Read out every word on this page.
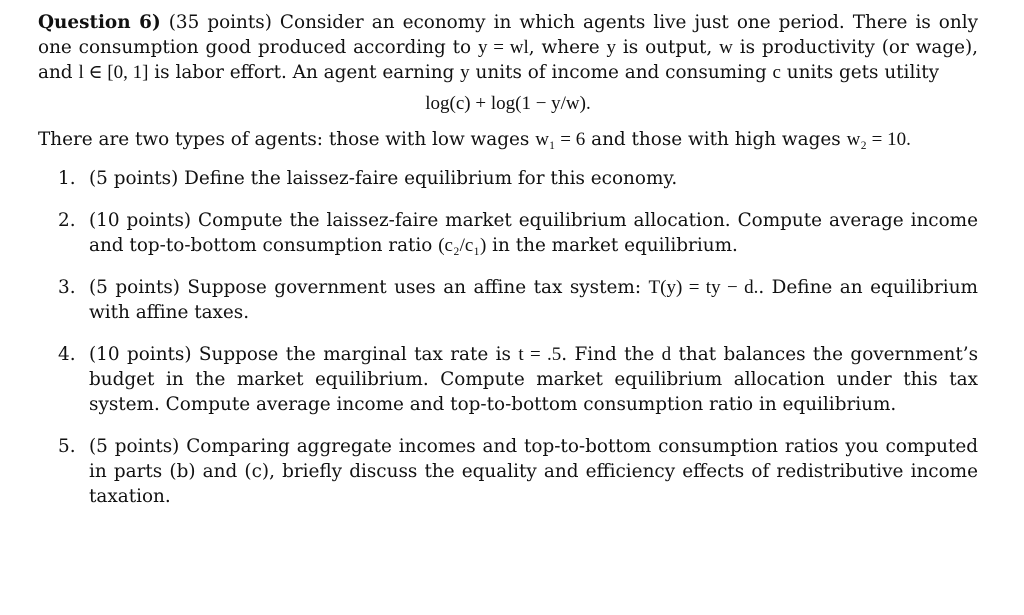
Question 6) (35 points) Consider an economy in which agents live just one period. There is only one consumption good produced according to y = wl, where y is output, w is productivity (or wage), and l ∈ [0, 1] is labor effort. An agent earning y units of income and consuming c units gets utility

log(c) + log(1 − y/w).

There are two types of agents: those with low wages w₁ = 6 and those with high wages w₂ = 10.

1. (5 points) Define the laissez-faire equilibrium for this economy.
2. (10 points) Compute the laissez-faire market equilibrium allocation. Compute average income and top-to-bottom consumption ratio (c₂/c₁) in the market equilibrium.
3. (5 points) Suppose government uses an affine tax system: T(y) = ty − d.. Define an equilibrium with affine taxes.
4. (10 points) Suppose the marginal tax rate is t = .5. Find the d that balances the government’s budget in the market equilibrium. Compute market equilibrium allocation under this tax system. Compute average income and top-to-bottom consumption ratio in equilibrium.
5. (5 points) Comparing aggregate incomes and top-to-bottom consumption ratios you computed in parts (b) and (c), briefly discuss the equality and efficiency effects of redistributive income taxation.
